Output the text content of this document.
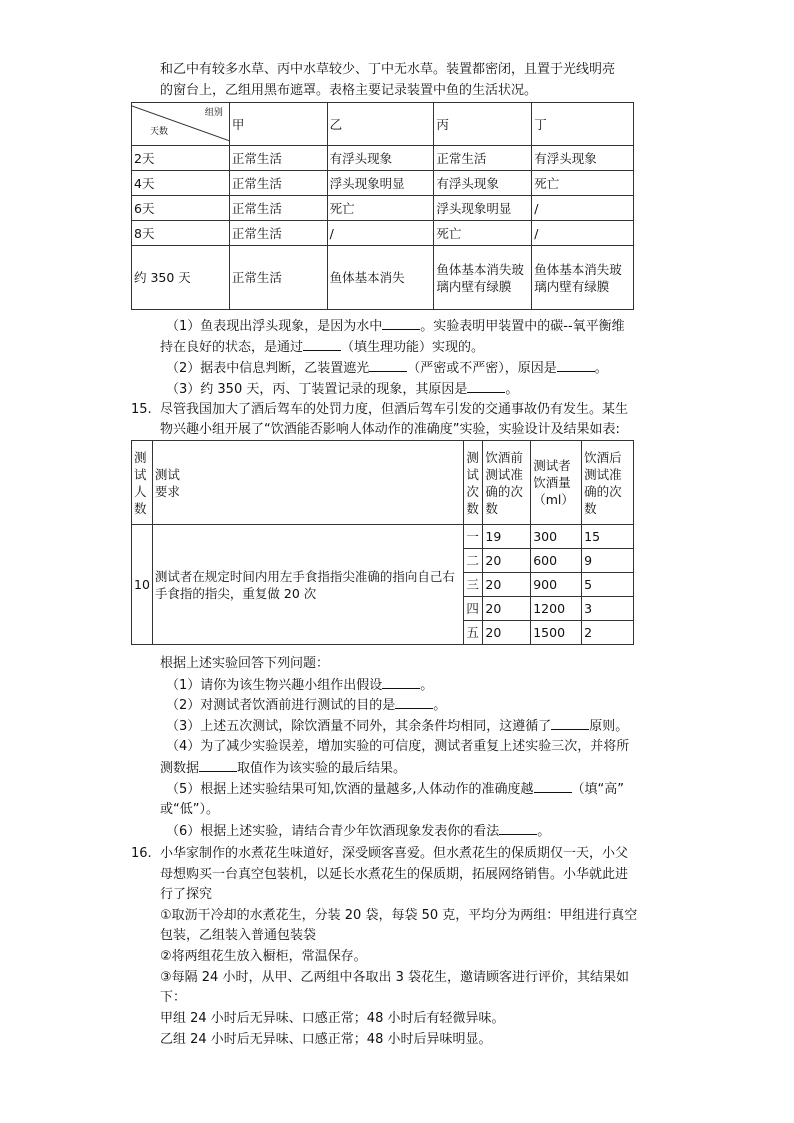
和乙中有较多水草、丙中水草较少、丁中无水草。装置都密闭，且置于光线明亮
的窗台上，乙组用黑布遮罩。表格主要记录装置中鱼的生活状况。
组别
天数	甲	乙	丙	丁
2天	正常生活	有浮头现象	正常生活	有浮头现象
4天	正常生活	浮头现象明显	有浮头现象	死亡
6天	正常生活	死亡	浮头现象明显	/
8天	正常生活	/	死亡	/
约 350 天	正常生活	鱼体基本消失	鱼体基本消失玻璃内壁有绿膜	鱼体基本消失玻璃内壁有绿膜
（1）鱼表现出浮头现象，是因为水中	。实验表明甲装置中的碳--氧平衡维
持在良好的状态，是通过	（填生理功能）实现的。
（2）据表中信息判断，乙装置遮光	（严密或不严密），原因是	。
（3）约 350 天，丙、丁装置记录的现象，其原因是	。
15. 尽管我国加大了酒后驾车的处罚力度，但酒后驾车引发的交通事故仍有发生。某生
物兴趣小组开展了“饮酒能否影响人体动作的准确度”实验，实验设计及结果如表:
测试人数	测试要求	测试次数	饮酒前测试准确的次数	测试者饮酒量（ml）	饮酒后测试准确的次数
10	测试者在规定时间内用左手食指指尖准确的指向自己右手食指的指尖，重复做 20 次	一	19	300	15
		二	20	600	9
		三	20	900	5
		四	20	1200	3
		五	20	1500	2
根据上述实验回答下列问题：
（1）请你为该生物兴趣小组作出假设	。
（2）对测试者饮酒前进行测试的目的是	。
（3）上述五次测试，除饮酒量不同外，其余条件均相同，这遵循了	原则。
（4）为了减少实验误差，增加实验的可信度，测试者重复上述实验三次，并将所
测数据	取值作为该实验的最后结果。
（5）根据上述实验结果可知,饮酒的量越多,人体动作的准确度越	（填“高”
或“低”）。
（6）根据上述实验，请结合青少年饮酒现象发表你的看法	。
16. 小华家制作的水煮花生味道好，深受顾客喜爱。但水煮花生的保质期仅一天，小父
母想购买一台真空包装机，以延长水煮花生的保质期，拓展网络销售。小华就此进
行了探究
①取沥干冷却的水煮花生，分装 20 袋，每袋 50 克，平均分为两组：甲组进行真空
包装，乙组装入普通包装袋
②将两组花生放入橱柜，常温保存。
③每隔 24 小时，从甲、乙两组中各取出 3 袋花生，邀请顾客进行评价，其结果如
下：
甲组 24 小时后无异味、口感正常；48 小时后有轻微异味。
乙组 24 小时后无异味、口感正常；48 小时后异味明显。
